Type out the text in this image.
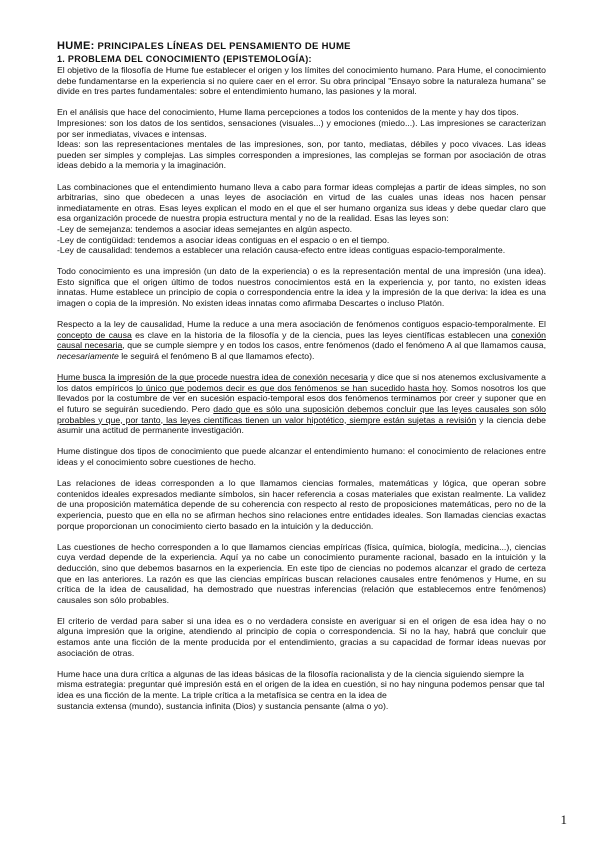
HUME: PRINCIPALES LÍNEAS DEL PENSAMIENTO DE HUME
1. PROBLEMA DEL CONOCIMIENTO (EPISTEMOLOGÍA):

El objetivo de la filosofía de Hume fue establecer el origen y los límites del conocimiento humano. Para Hume, el conocimiento debe fundamentarse en la experiencia si no quiere caer en el error. Su obra principal "Ensayo sobre la naturaleza humana" se divide en tres partes fundamentales: sobre el entendimiento humano, las pasiones y la moral.

En el análisis que hace del conocimiento, Hume llama percepciones a todos los contenidos de la mente y hay dos tipos.

Impresiones: son los datos de los sentidos, sensaciones (visuales...) y emociones (miedo...). Las impresiones se caracterizan por ser inmediatas, vivaces e intensas.

Ideas: son las representaciones mentales de las impresiones, son, por tanto, mediatas, débiles y poco vivaces. Las ideas pueden ser simples y complejas. Las simples corresponden a impresiones, las complejas se forman por asociación de otras ideas debido a la memoria y la imaginación.

Las combinaciones que el entendimiento humano lleva a cabo para formar ideas complejas a partir de ideas simples, no son arbitrarias, sino que obedecen a unas leyes de asociación en virtud de las cuales unas ideas nos hacen pensar inmediatamente en otras. Esas leyes explican el modo en el que el ser humano organiza sus ideas y debe quedar claro que esa organización procede de nuestra propia estructura mental y no de la realidad. Esas las leyes son:

-Ley de semejanza: tendemos a asociar ideas semejantes en algún aspecto.

-Ley de contigüidad: tendemos a asociar ideas contiguas en el espacio o en el tiempo.

-Ley de causalidad: tendemos a establecer una relación causa-efecto entre ideas contiguas espacio-temporalmente.

Todo conocimiento es una impresión (un dato de la experiencia) o es la representación mental de una impresión (una idea). Esto significa que el origen último de todos nuestros conocimientos está en la experiencia y, por tanto, no existen ideas innatas. Hume establece un principio de copia o correspondencia entre la idea y la impresión de la que deriva: la idea es una imagen o copia de la impresión. No existen ideas innatas como afirmaba Descartes o incluso Platón.

Respecto a la ley de causalidad, Hume la reduce a una mera asociación de fenómenos contiguos espacio-temporalmente. El concepto de causa es clave en la historia de la filosofía y de la ciencia, pues las leyes científicas establecen una conexión causal necesaria, que se cumple siempre y en todos los casos, entre fenómenos (dado el fenómeno A al que llamamos causa, necesariamente le seguirá el fenómeno B al que llamamos efecto).

Hume busca la impresión de la que procede nuestra idea de conexión necesaria y dice que si nos atenemos exclusivamente a los datos empíricos lo único que podemos decir es que dos fenómenos se han sucedido hasta hoy. Somos nosotros los que llevados por la costumbre de ver en sucesión espacio-temporal esos dos fenómenos terminamos por creer y suponer que en el futuro se seguirán sucediendo. Pero dado que es sólo una suposición debemos concluir que las leyes causales son sólo probables y que, por tanto, las leyes científicas tienen un valor hipotético, siempre están sujetas a revisión y la ciencia debe asumir una actitud de permanente investigación.

Hume distingue dos tipos de conocimiento que puede alcanzar el entendimiento humano: el conocimiento de relaciones entre ideas y el conocimiento sobre cuestiones de hecho.

Las relaciones de ideas corresponden a lo que llamamos ciencias formales, matemáticas y lógica, que operan sobre contenidos ideales expresados mediante símbolos, sin hacer referencia a cosas materiales que existan realmente. La validez de una proposición matemática depende de su coherencia con respecto al resto de proposiciones matemáticas, pero no de la experiencia, puesto que en ella no se afirman hechos sino relaciones entre entidades ideales. Son llamadas ciencias exactas porque proporcionan un conocimiento cierto basado en la intuición y la deducción.

Las cuestiones de hecho corresponden a lo que llamamos ciencias empíricas (física, química, biología, medicina...), ciencias cuya verdad depende de la experiencia. Aquí ya no cabe un conocimiento puramente racional, basado en la intuición y la deducción, sino que debemos basarnos en la experiencia. En este tipo de ciencias no podemos alcanzar el grado de certeza que en las anteriores. La razón es que las ciencias empíricas buscan relaciones causales entre fenómenos y Hume, en su crítica de la idea de causalidad, ha demostrado que nuestras inferencias (relación que establecemos entre fenómenos) causales son sólo probables.

El criterio de verdad para saber si una idea es o no verdadera consiste en averiguar si en el origen de esa idea hay o no alguna impresión que la origine, atendiendo al principio de copia o correspondencia. Si no la hay, habrá que concluir que estamos ante una ficción de la mente producida por el entendimiento, gracias a su capacidad de formar ideas nuevas por asociación de otras.

Hume hace una dura crítica a algunas de las ideas básicas de la filosofía racionalista y de la ciencia siguiendo siempre la misma estrategia: preguntar qué impresión está en el origen de la idea en cuestión, si no hay ninguna podemos pensar que tal idea es una ficción de la mente. La triple crítica a la metafísica se centra en la idea de

sustancia extensa (mundo), sustancia infinita (Dios) y sustancia pensante (alma o yo).

1
